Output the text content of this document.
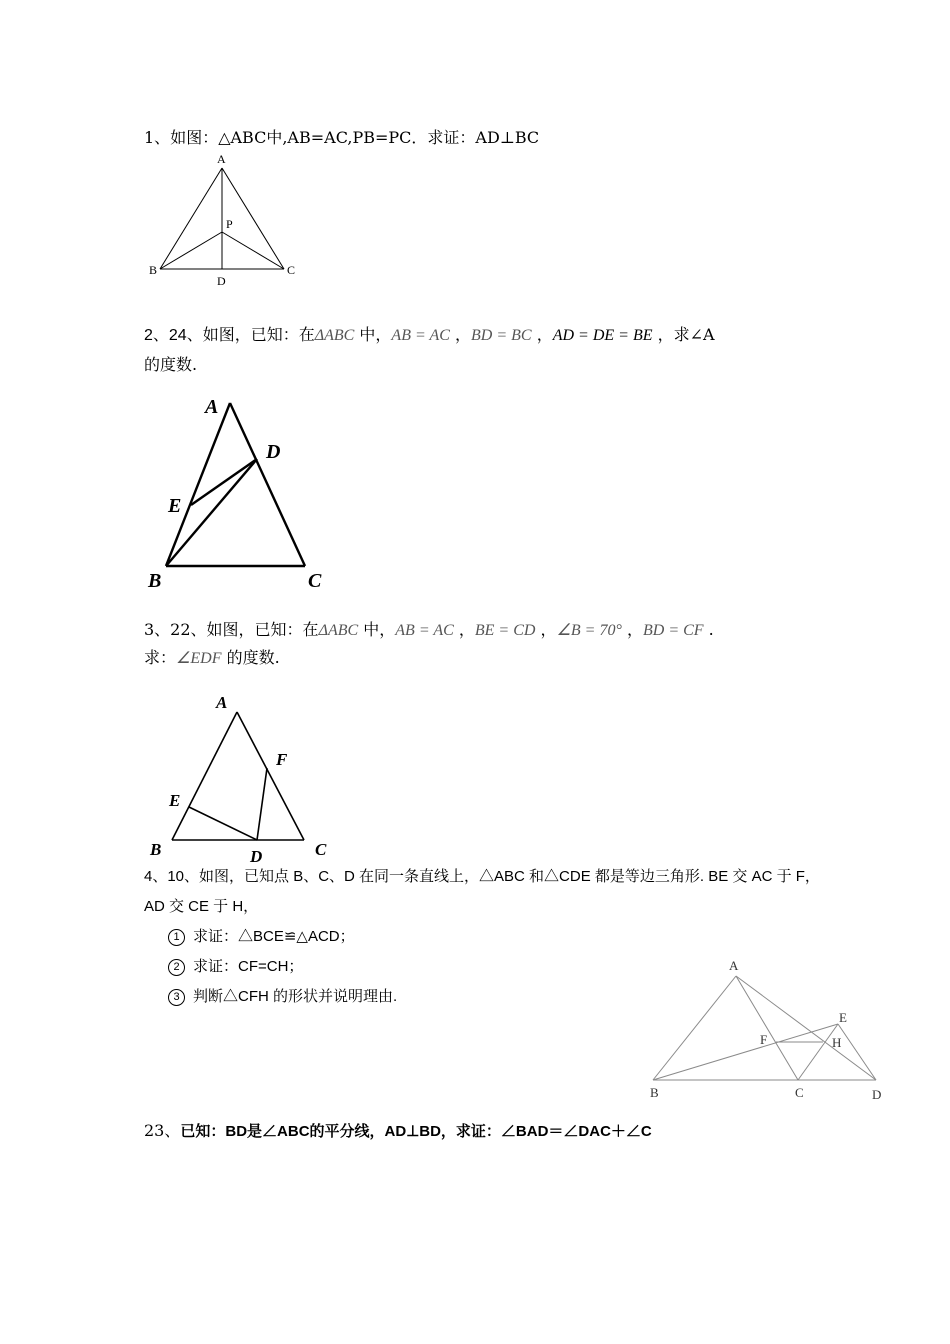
1、如图：△ABC中,AB=AC,PB=PC．求证：AD⊥BC
A
P
B	C
D
2、24、如图，已知：在ΔABC 中，AB = AC ，BD = BC ，AD = DE = BE ，求∠A
的度数.
A
D
E
B	C
3、22、如图，已知：在ΔABC 中，AB = AC ，BE = CD ，∠B = 70° ，BD = CF .
求：∠EDF 的度数.
A
F
E
B	D	C
4、10、如图，已知点 B、C、D 在同一条直线上，△ABC 和△CDE 都是等边三角形. BE 交 AC 于 F，
AD 交 CE 于 H，
1 求证：△BCE≌△ACD；
2 求证：CF=CH；
3 判断△CFH 的形状并说明理由.
A
E
F	H
B	C	D
23、已知：BD是∠ABC的平分线，AD⊥BD，求证：∠BAD＝∠DAC＋∠C
